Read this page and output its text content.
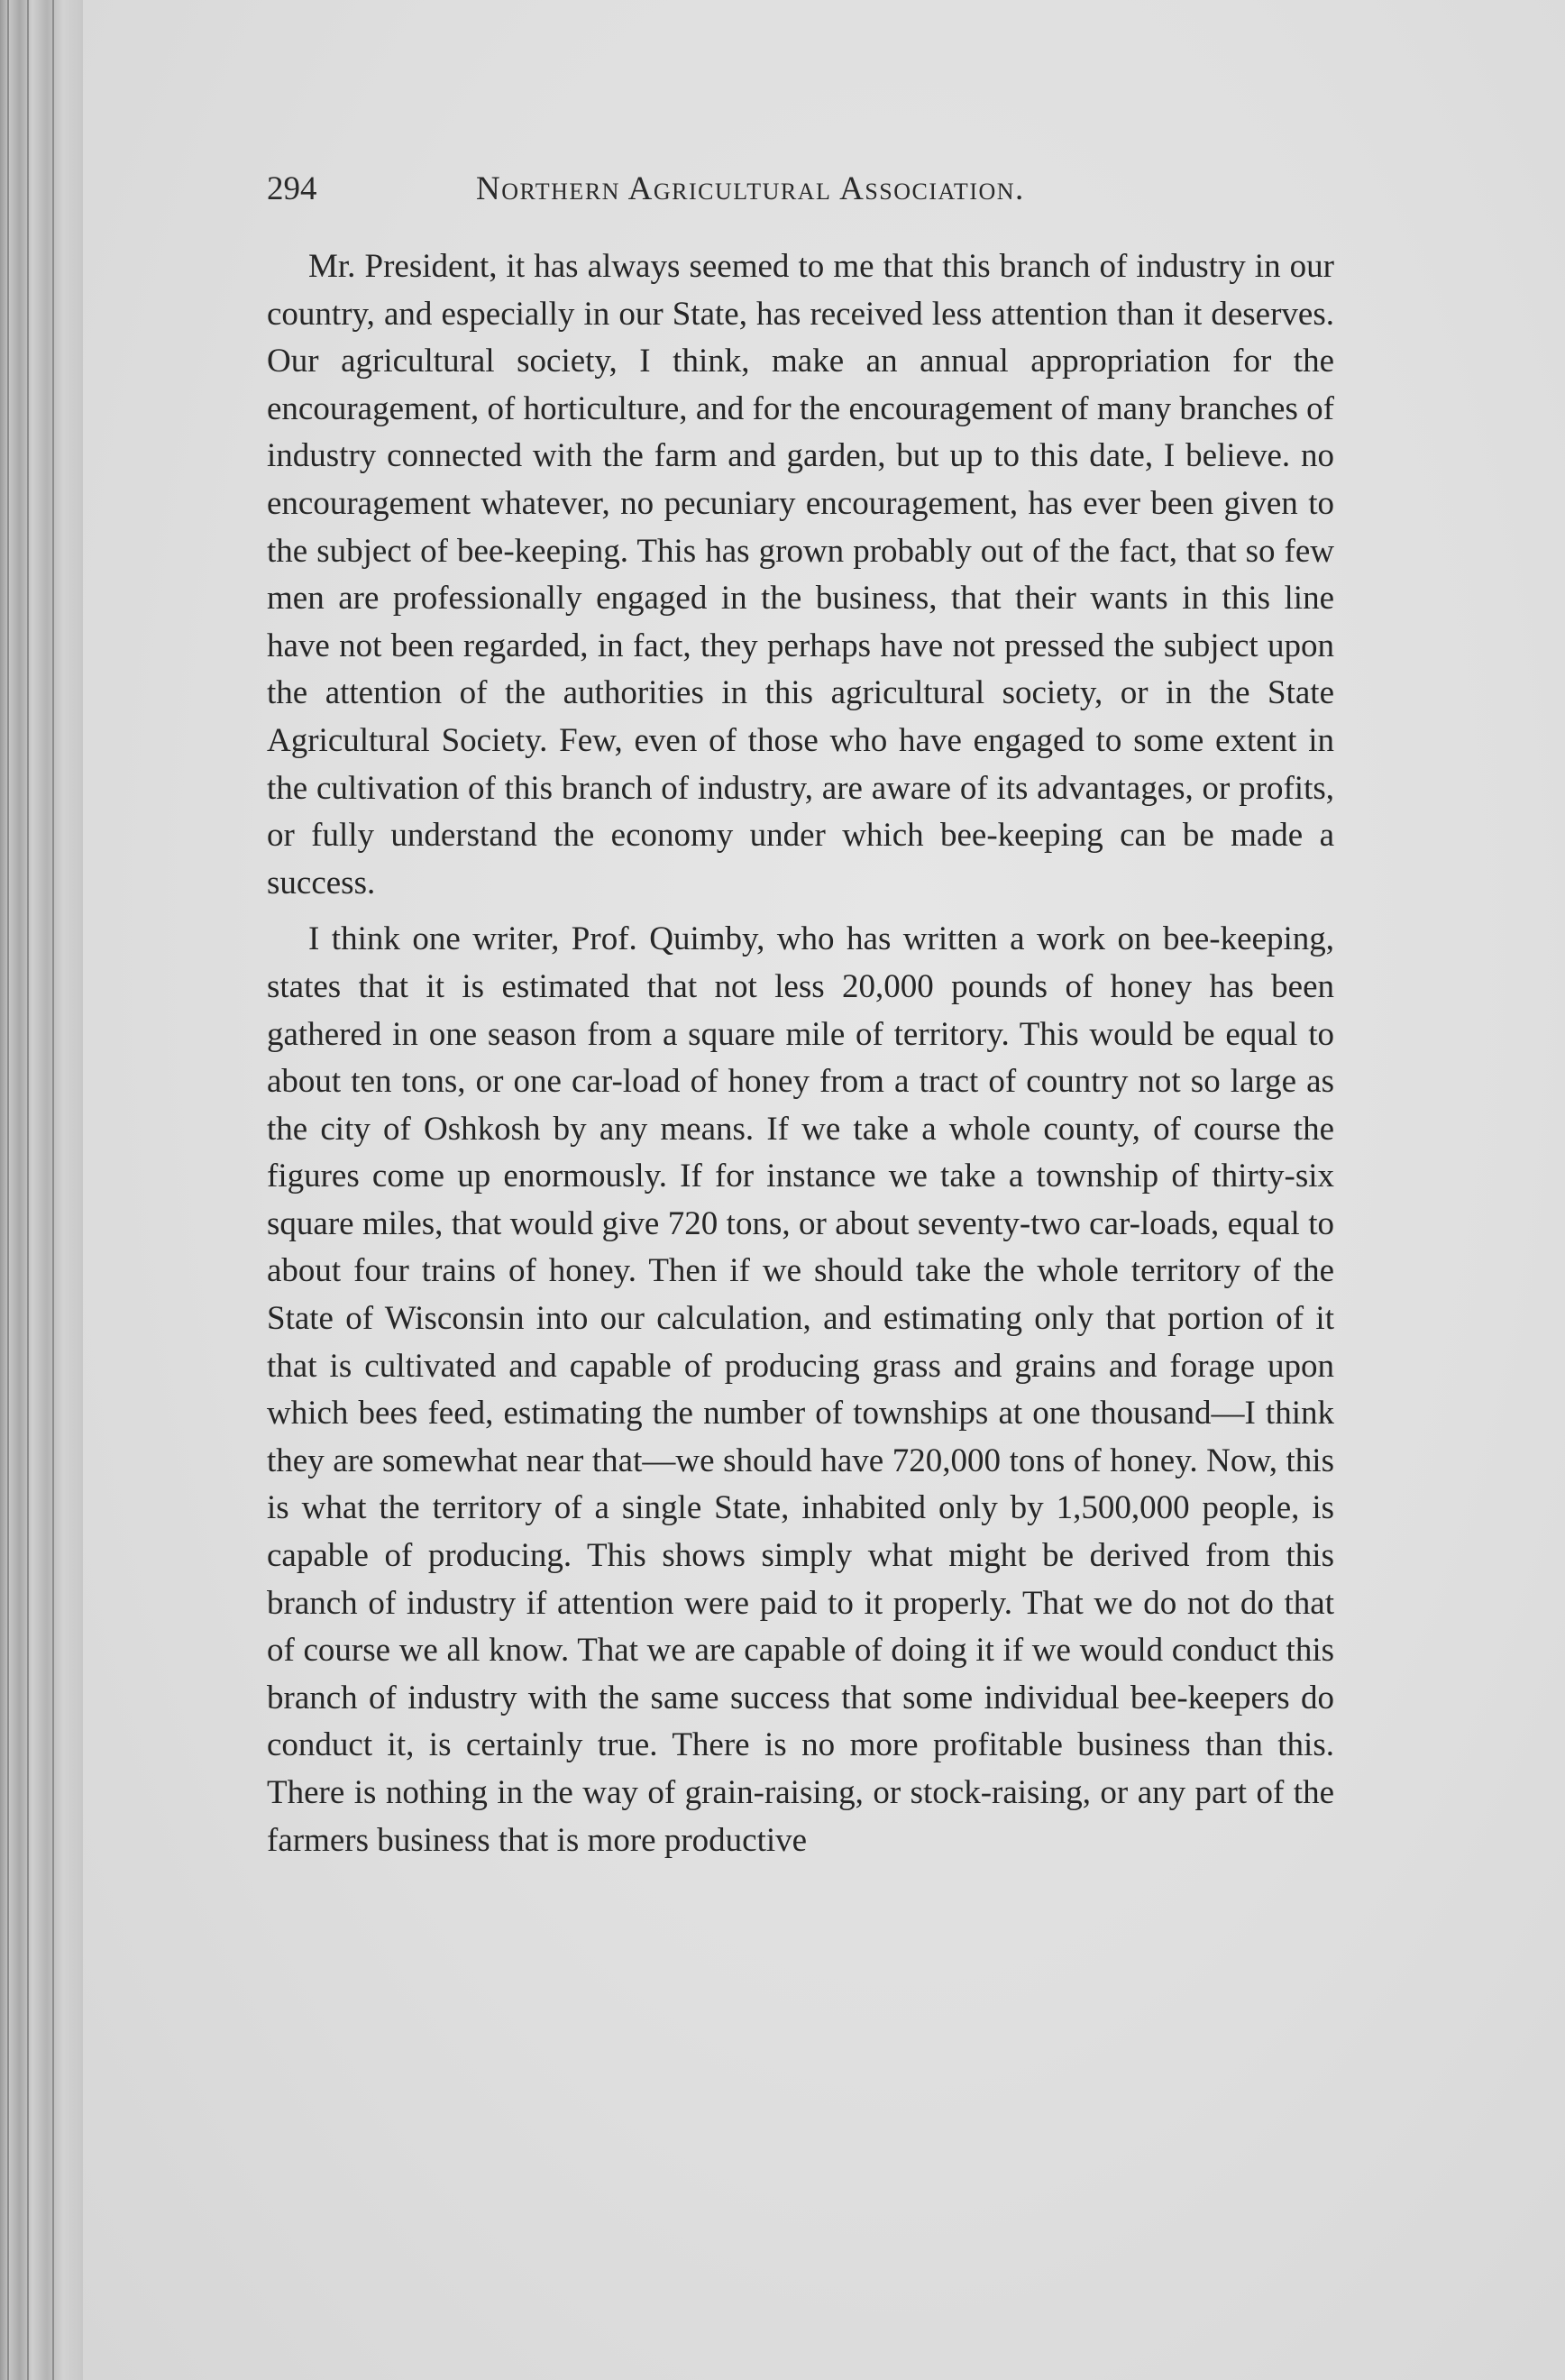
294	Northern Agricultural Association.

Mr. President, it has always seemed to me that this branch of industry in our country, and especially in our State, has received less attention than it deserves. Our agricultural society, I think, make an annual appropriation for the encouragement, of horticulture, and for the encouragement of many branches of industry connected with the farm and garden, but up to this date, I believe. no encouragement whatever, no pecuniary encouragement, has ever been given to the subject of bee-keeping. This has grown probably out of the fact, that so few men are professionally engaged in the business, that their wants in this line have not been regarded, in fact, they perhaps have not pressed the subject upon the attention of the authorities in this agricultural society, or in the State Agricultural Society. Few, even of those who have engaged to some extent in the cultivation of this branch of industry, are aware of its advantages, or profits, or fully understand the economy under which bee-keeping can be made a success.

I think one writer, Prof. Quimby, who has written a work on bee-keeping, states that it is estimated that not less 20,000 pounds of honey has been gathered in one season from a square mile of territory. This would be equal to about ten tons, or one car-load of honey from a tract of country not so large as the city of Oshkosh by any means. If we take a whole county, of course the figures come up enormously. If for instance we take a township of thirty-six square miles, that would give 720 tons, or about seventy-two car-loads, equal to about four trains of honey. Then if we should take the whole territory of the State of Wisconsin into our calculation, and estimating only that portion of it that is cultivated and capable of producing grass and grains and forage upon which bees feed, estimating the number of townships at one thousand—I think they are somewhat near that—we should have 720,000 tons of honey. Now, this is what the territory of a single State, inhabited only by 1,500,000 people, is capable of producing. This shows simply what might be derived from this branch of industry if attention were paid to it properly. That we do not do that of course we all know. That we are capable of doing it if we would conduct this branch of industry with the same success that some individual bee-keepers do conduct it, is certainly true. There is no more profitable business than this. There is nothing in the way of grain-raising, or stock-raising, or any part of the farmers business that is more productive
